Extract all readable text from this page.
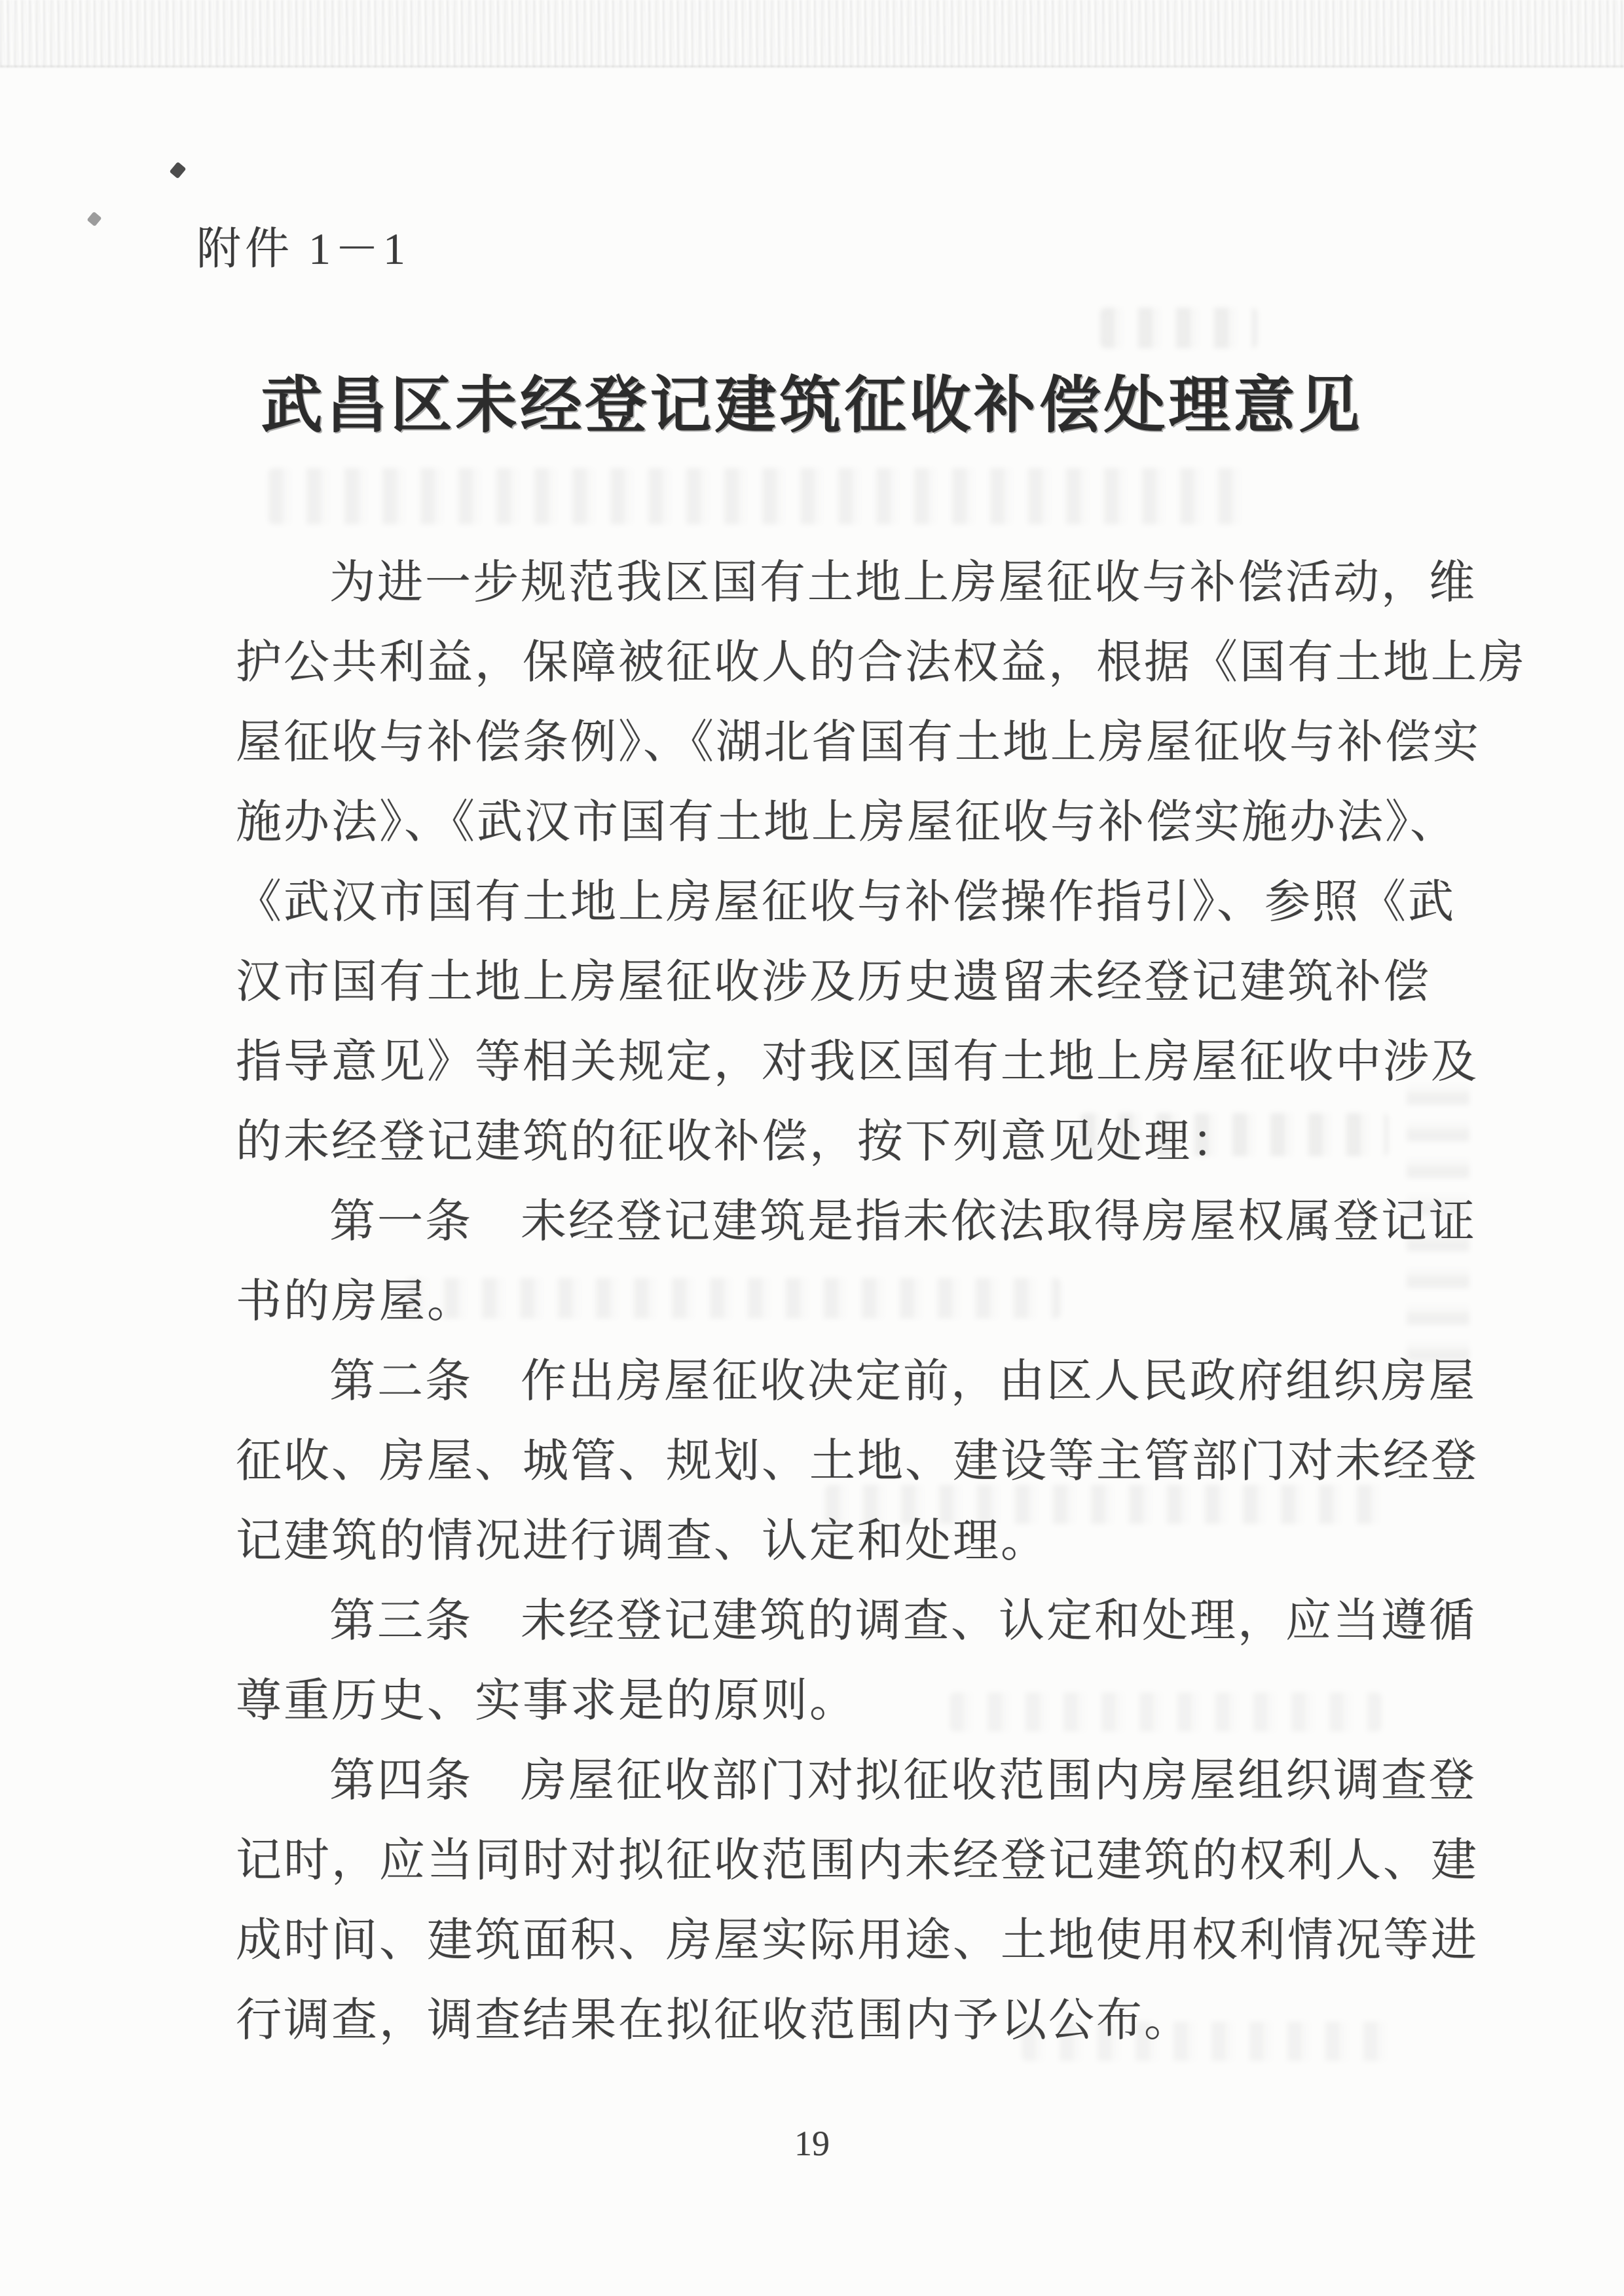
附件 1－1
武昌区未经登记建筑征收补偿处理意见

为进一步规范我区国有土地上房屋征收与补偿活动，维

护公共利益，保障被征收人的合法权益，根据《国有土地上房

屋征收与补偿条例》、《湖北省国有土地上房屋征收与补偿实

施办法》、《武汉市国有土地上房屋征收与补偿实施办法》、

《武汉市国有土地上房屋征收与补偿操作指引》、参照《武

汉市国有土地上房屋征收涉及历史遗留未经登记建筑补偿

指导意见》等相关规定，对我区国有土地上房屋征收中涉及

的未经登记建筑的征收补偿，按下列意见处理：

第一条　未经登记建筑是指未依法取得房屋权属登记证

书的房屋。

第二条　作出房屋征收决定前，由区人民政府组织房屋

征收、房屋、城管、规划、土地、建设等主管部门对未经登

记建筑的情况进行调查、认定和处理。

第三条　未经登记建筑的调查、认定和处理，应当遵循

尊重历史、实事求是的原则。

第四条　房屋征收部门对拟征收范围内房屋组织调查登

记时，应当同时对拟征收范围内未经登记建筑的权利人、建

成时间、建筑面积、房屋实际用途、土地使用权利情况等进

行调查，调查结果在拟征收范围内予以公布。

19
